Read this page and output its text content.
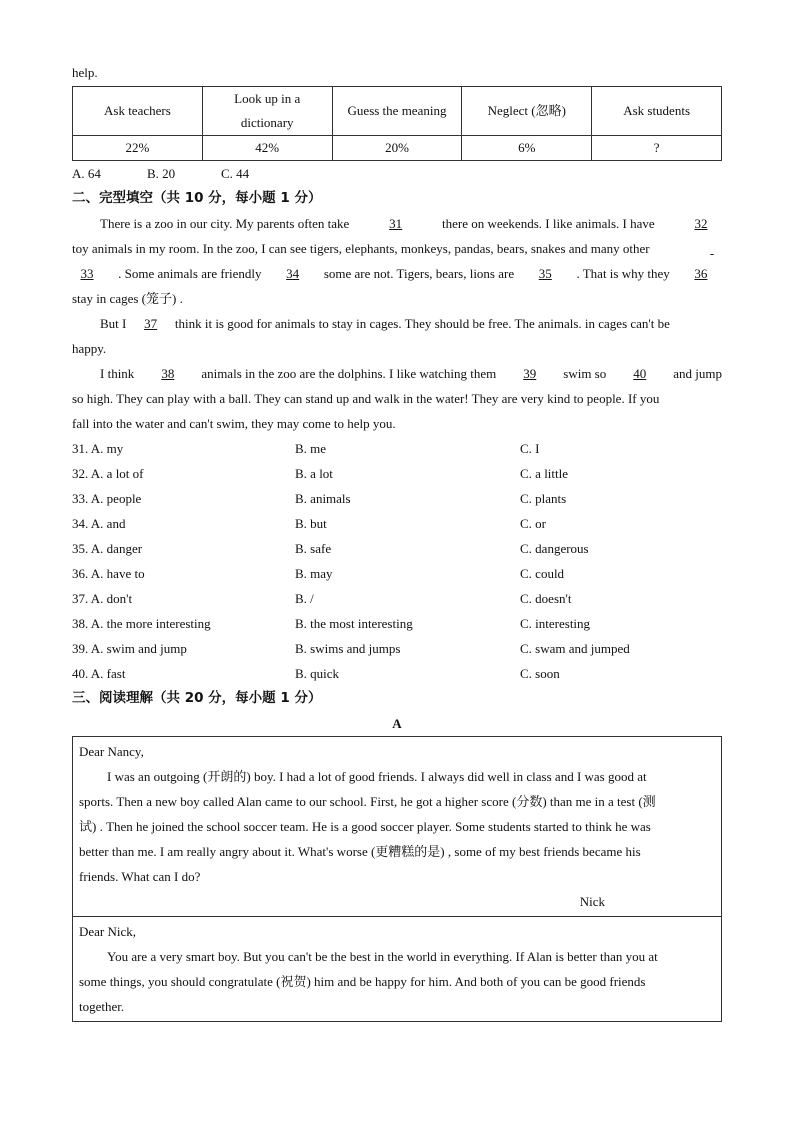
help.
Ask teachers	Look up in a dictionary	Guess the meaning	Neglect (忽略)	Ask students
22%	42%	20%	6%	?
A. 64	B. 20	C. 44
二、完型填空（共 10 分，每小题 1 分）
There is a zoo in our city. My parents often take	31	there on weekends. I like animals. I have	32
toy animals in my room. In the zoo, I can see tigers, elephants, monkeys, pandas, bears, snakes and many other

33	. Some animals are friendly	34	some are not. Tigers, bears, lions are	35	. That is why they	36
stay in cages (笼子) .
But I 37 think it is good for animals to stay in cages. They should be free. The animals. in cages can't be
happy.
I think	38	animals in the zoo are the dolphins. I like watching them	39	swim so	40	and jump
so high. They can play with a ball. They can stand up and walk in the water! They are very kind to people. If you
fall into the water and can't swim, they may come to help you.
31. A. my	B. me	C. I
32. A. a lot of	B. a lot	C. a little
33. A. people	B. animals	C. plants
34. A. and	B. but	C. or
35. A. danger	B. safe	C. dangerous
36. A. have to	B. may	C. could
37. A. don't	B. /	C. doesn't
38. A. the more interesting	B. the most interesting	C. interesting
39. A. swim and jump	B. swims and jumps	C. swam and jumped
40. A. fast	B. quick	C. soon
三、阅读理解（共 20 分，每小题 1 分）
A
Dear Nancy,
I was an outgoing (开朗的) boy. I had a lot of good friends. I always did well in class and I was good at
sports. Then a new boy called Alan came to our school. First, he got a higher score (分数) than me in a test (测
试) . Then he joined the school soccer team. He is a good soccer player. Some students started to think he was
better than me. I am really angry about it. What's worse (更糟糕的是) , some of my best friends became his
friends. What can I do?
Nick
Dear Nick,
You are a very smart boy. But you can't be the best in the world in everything. If Alan is better than you at
some things, you should congratulate (祝贺) him and be happy for him. And both of you can be good friends
together.
